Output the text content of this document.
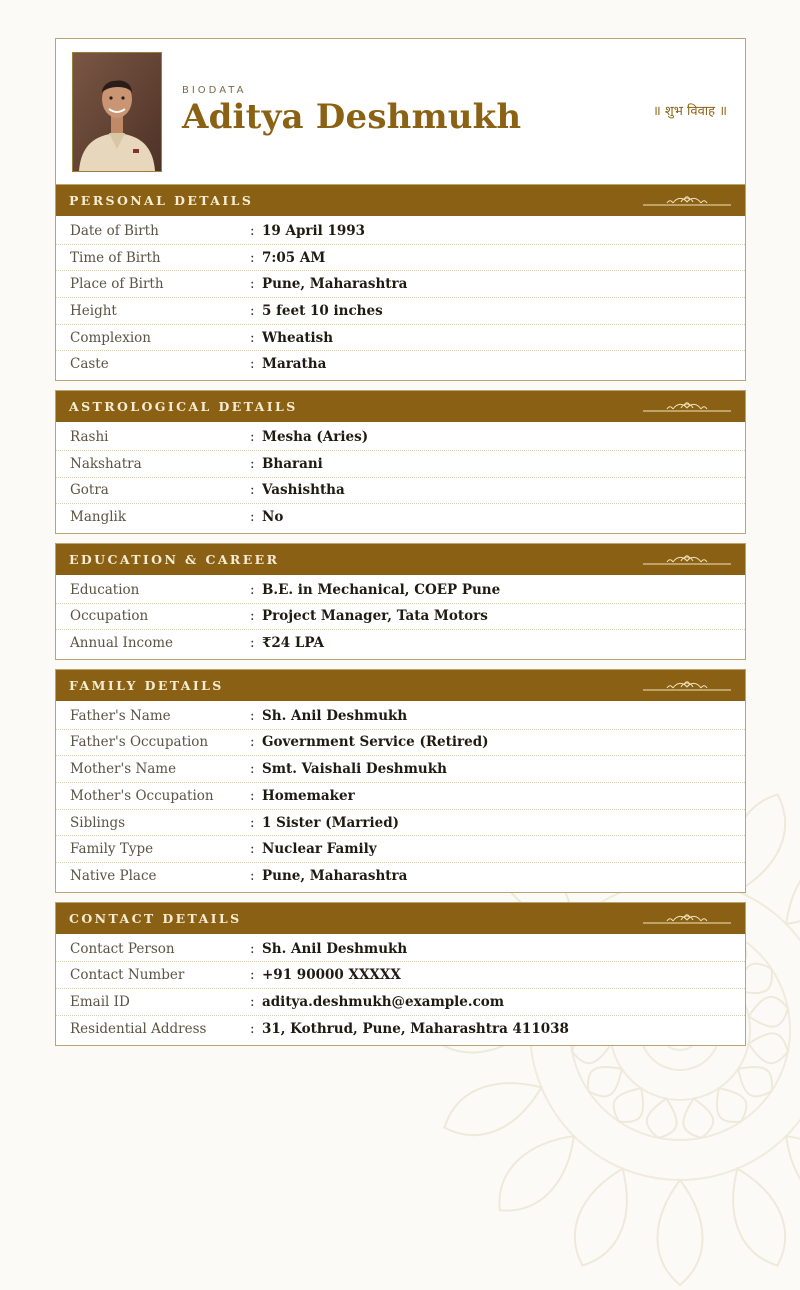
BIODATA
Aditya Deshmukh	॥ शुभ विवाह ॥
PERSONAL DETAILS
Date of Birth	: 19 April 1993
Time of Birth	: 7:05 AM
Place of Birth	: Pune, Maharashtra
Height	: 5 feet 10 inches
Complexion	: Wheatish
Caste	: Maratha
ASTROLOGICAL DETAILS
Rashi	: Mesha (Aries)
Nakshatra	: Bharani
Gotra	: Vashishtha
Manglik	: No
EDUCATION & CAREER
Education	: B.E. in Mechanical, COEP Pune
Occupation	: Project Manager, Tata Motors
Annual Income	: ₹24 LPA
FAMILY DETAILS
Father's Name	: Sh. Anil Deshmukh
Father's Occupation	: Government Service (Retired)
Mother's Name	: Smt. Vaishali Deshmukh
Mother's Occupation	: Homemaker
Siblings	: 1 Sister (Married)
Family Type	: Nuclear Family
Native Place	: Pune, Maharashtra
CONTACT DETAILS
Contact Person	: Sh. Anil Deshmukh
Contact Number	: +91 90000 XXXXX
Email ID	: aditya.deshmukh@example.com
Residential Address	: 31, Kothrud, Pune, Maharashtra 411038
